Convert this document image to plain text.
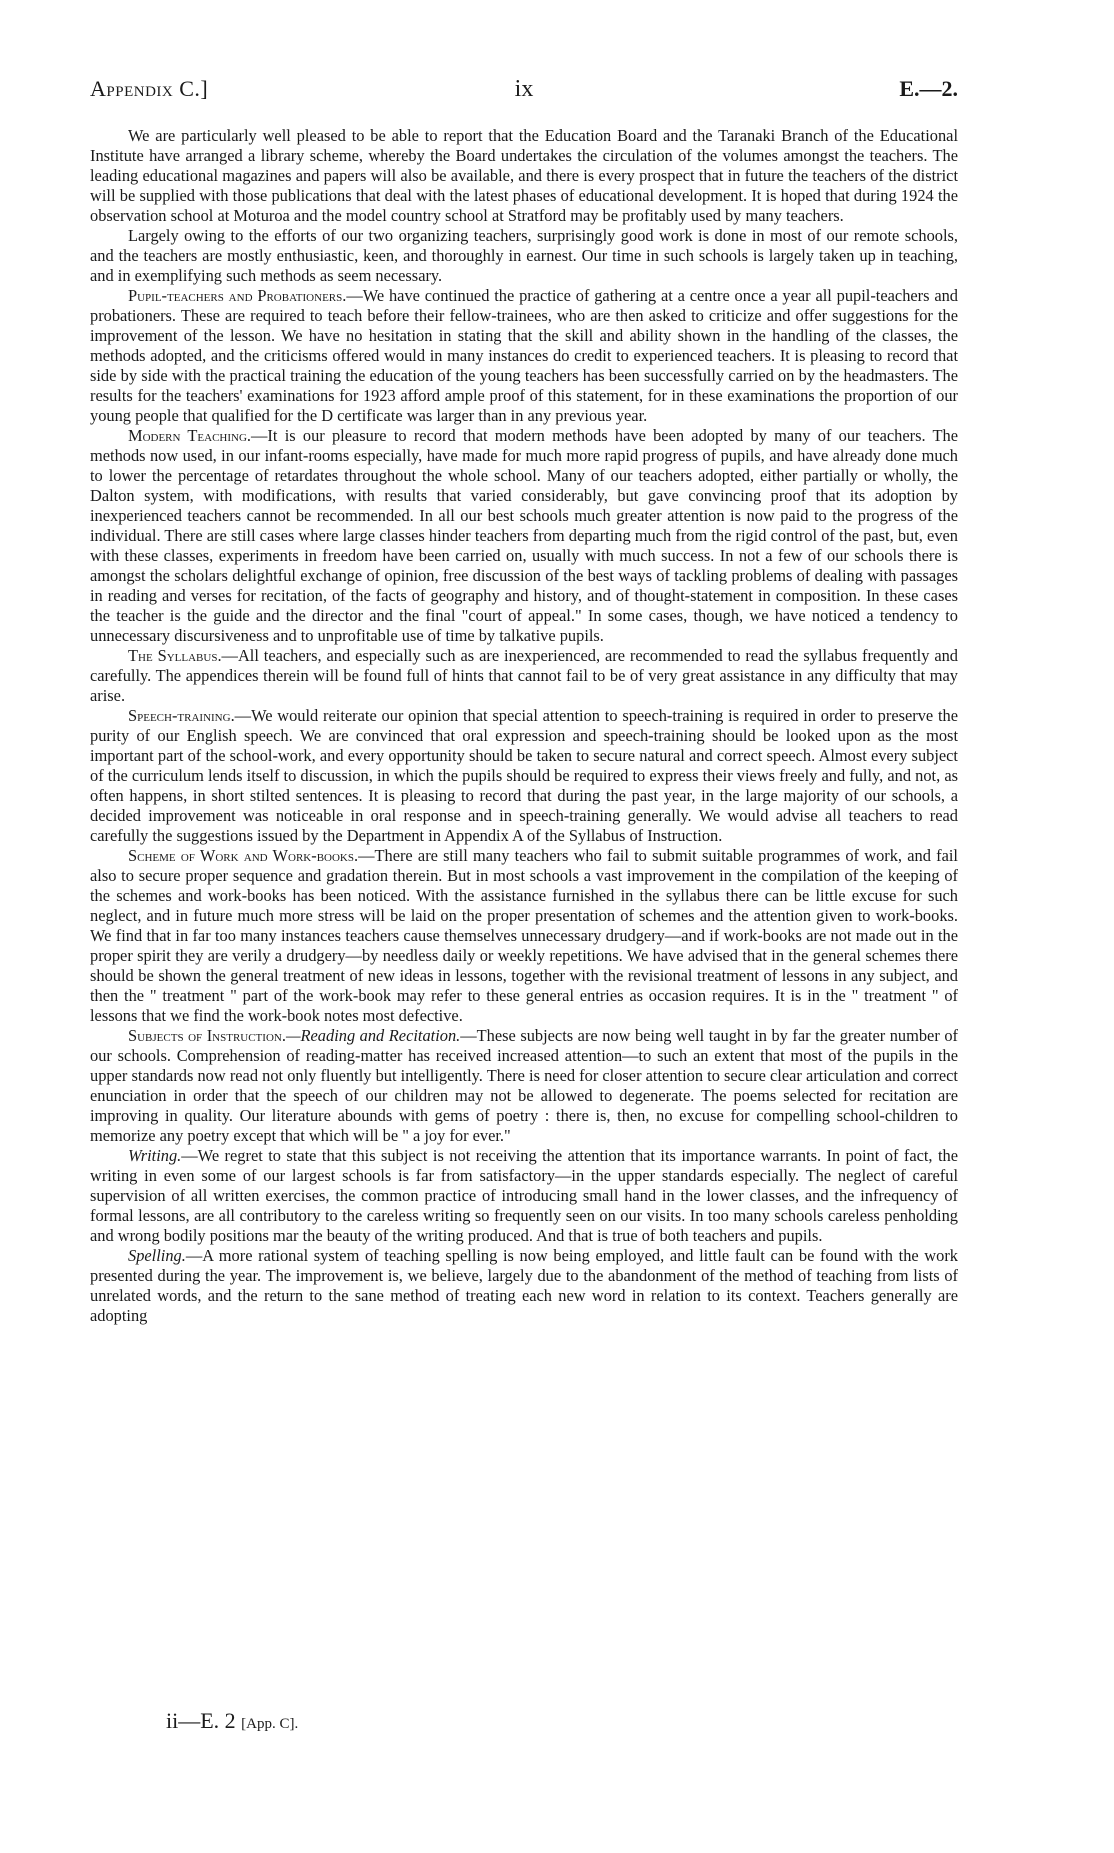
ix
Appendix C.]	E.—2.

We are particularly well pleased to be able to report that the Education Board and the Taranaki Branch of the Educational Institute have arranged a library scheme, whereby the Board undertakes the circulation of the volumes amongst the teachers. The leading educational magazines and papers will also be available, and there is every prospect that in future the teachers of the district will be supplied with those publications that deal with the latest phases of educational development. It is hoped that during 1924 the observation school at Moturoa and the model country school at Stratford may be profitably used by many teachers.

Largely owing to the efforts of our two organizing teachers, surprisingly good work is done in most of our remote schools, and the teachers are mostly enthusiastic, keen, and thoroughly in earnest. Our time in such schools is largely taken up in teaching, and in exemplifying such methods as seem necessary.

Pupil-teachers and Probationers.—We have continued the practice of gathering at a centre once a year all pupil-teachers and probationers. These are required to teach before their fellow-trainees, who are then asked to criticize and offer suggestions for the improvement of the lesson. We have no hesitation in stating that the skill and ability shown in the handling of the classes, the methods adopted, and the criticisms offered would in many instances do credit to experienced teachers. It is pleasing to record that side by side with the practical training the education of the young teachers has been successfully carried on by the headmasters. The results for the teachers' examinations for 1923 afford ample proof of this statement, for in these examinations the proportion of our young people that qualified for the D certificate was larger than in any previous year.

Modern Teaching.—It is our pleasure to record that modern methods have been adopted by many of our teachers. The methods now used, in our infant-rooms especially, have made for much more rapid progress of pupils, and have already done much to lower the percentage of retardates throughout the whole school. Many of our teachers adopted, either partially or wholly, the Dalton system, with modifications, with results that varied considerably, but gave convincing proof that its adoption by inexperienced teachers cannot be recommended. In all our best schools much greater attention is now paid to the progress of the individual. There are still cases where large classes hinder teachers from departing much from the rigid control of the past, but, even with these classes, experiments in freedom have been carried on, usually with much success. In not a few of our schools there is amongst the scholars delightful exchange of opinion, free discussion of the best ways of tackling problems of dealing with passages in reading and verses for recitation, of the facts of geography and history, and of thought-statement in composition. In these cases the teacher is the guide and the director and the final "court of appeal." In some cases, though, we have noticed a tendency to unnecessary discursiveness and to unprofitable use of time by talkative pupils.

The Syllabus.—All teachers, and especially such as are inexperienced, are recommended to read the syllabus frequently and carefully. The appendices therein will be found full of hints that cannot fail to be of very great assistance in any difficulty that may arise.

Speech-training.—We would reiterate our opinion that special attention to speech-training is required in order to preserve the purity of our English speech. We are convinced that oral expression and speech-training should be looked upon as the most important part of the school-work, and every opportunity should be taken to secure natural and correct speech. Almost every subject of the curriculum lends itself to discussion, in which the pupils should be required to express their views freely and fully, and not, as often happens, in short stilted sentences. It is pleasing to record that during the past year, in the large majority of our schools, a decided improvement was noticeable in oral response and in speech-training generally. We would advise all teachers to read carefully the suggestions issued by the Department in Appendix A of the Syllabus of Instruction.

Scheme of Work and Work-books.—There are still many teachers who fail to submit suitable programmes of work, and fail also to secure proper sequence and gradation therein. But in most schools a vast improvement in the compilation of the keeping of the schemes and work-books has been noticed. With the assistance furnished in the syllabus there can be little excuse for such neglect, and in future much more stress will be laid on the proper presentation of schemes and the attention given to work-books. We find that in far too many instances teachers cause themselves unnecessary drudgery—and if work-books are not made out in the proper spirit they are verily a drudgery—by needless daily or weekly repetitions. We have advised that in the general schemes there should be shown the general treatment of new ideas in lessons, together with the revisional treatment of lessons in any subject, and then the " treatment " part of the work-book may refer to these general entries as occasion requires. It is in the " treatment " of lessons that we find the work-book notes most defective.

Subjects of Instruction.—Reading and Recitation.—These subjects are now being well taught in by far the greater number of our schools. Comprehension of reading-matter has received increased attention—to such an extent that most of the pupils in the upper standards now read not only fluently but intelligently. There is need for closer attention to secure clear articulation and correct enunciation in order that the speech of our children may not be allowed to degenerate. The poems selected for recitation are improving in quality. Our literature abounds with gems of poetry : there is, then, no excuse for compelling school-children to memorize any poetry except that which will be " a joy for ever."

Writing.—We regret to state that this subject is not receiving the attention that its importance warrants. In point of fact, the writing in even some of our largest schools is far from satisfactory—in the upper standards especially. The neglect of careful supervision of all written exercises, the common practice of introducing small hand in the lower classes, and the infrequency of formal lessons, are all contributory to the careless writing so frequently seen on our visits. In too many schools careless penholding and wrong bodily positions mar the beauty of the writing produced. And that is true of both teachers and pupils.

Spelling.—A more rational system of teaching spelling is now being employed, and little fault can be found with the work presented during the year. The improvement is, we believe, largely due to the abandonment of the method of teaching from lists of unrelated words, and the return to the sane method of treating each new word in relation to its context. Teachers generally are adopting

ii—E. 2 [App. C].
